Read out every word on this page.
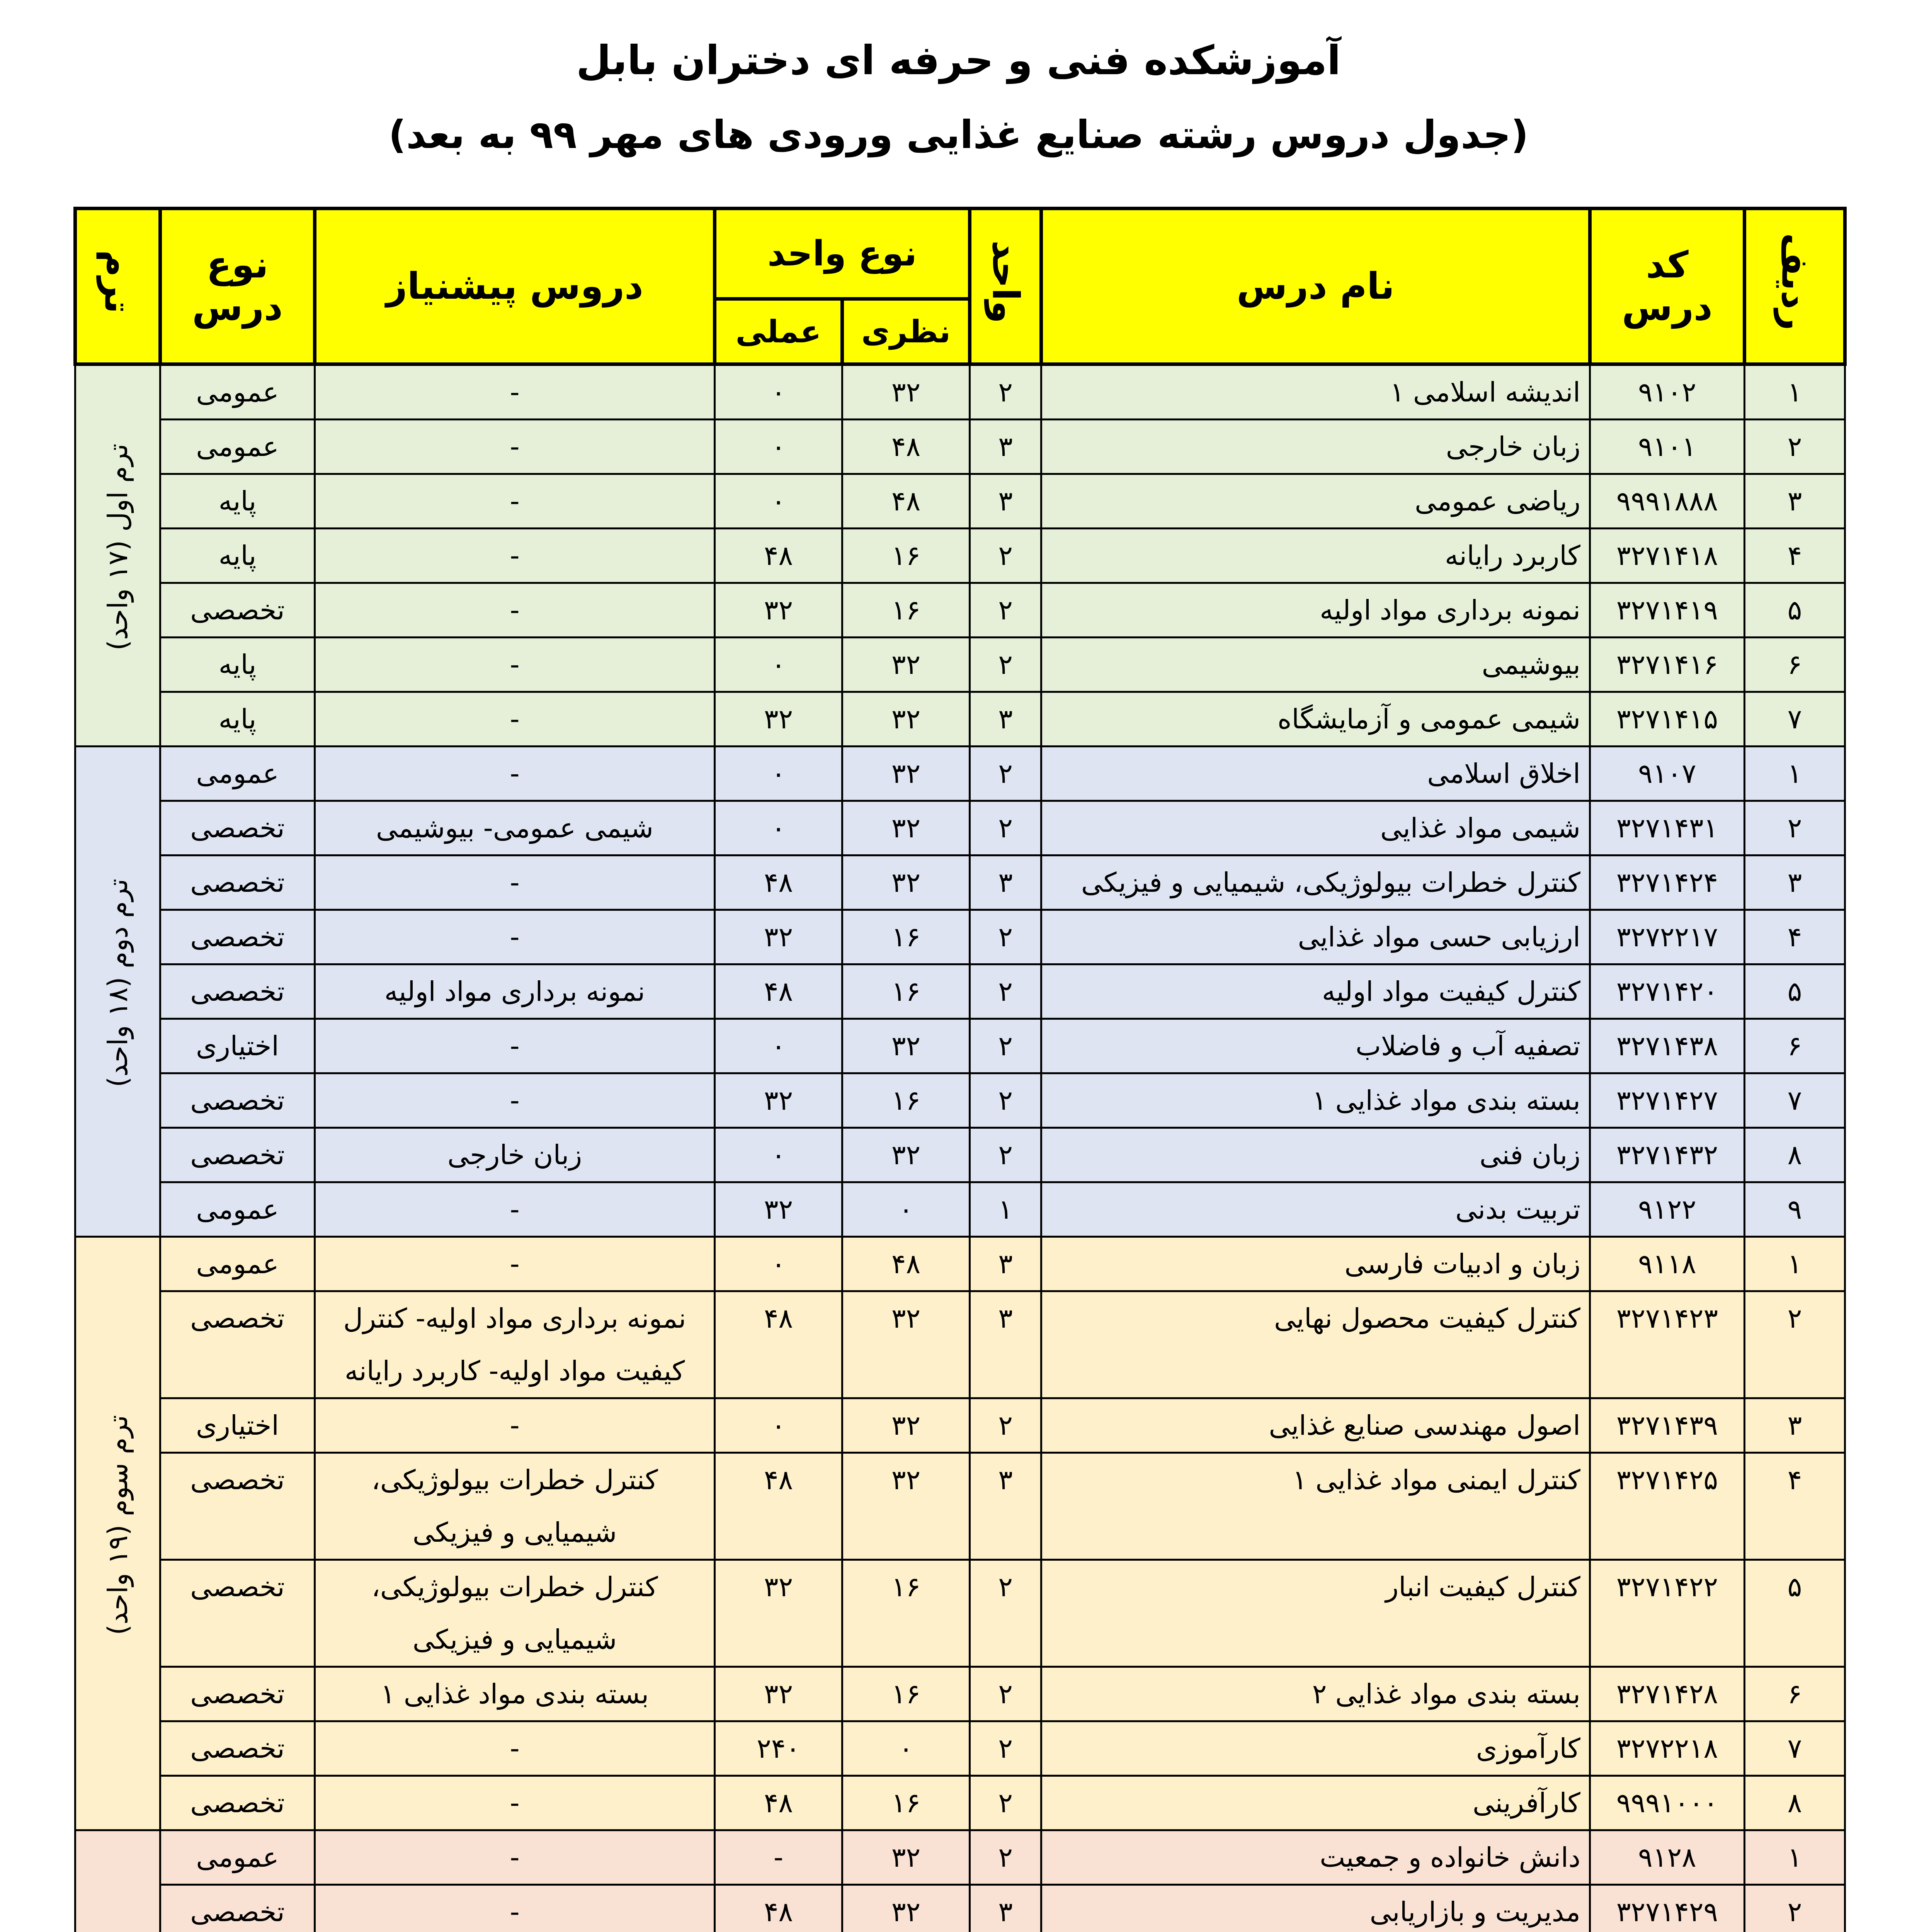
آموزشکده فنی و حرفه ای دختران بابل
(جدول دروس رشته صنایع غذایی ورودی های مهر ۹۹ به بعد)
ردیف	کد درس	نام درس	واحد	نوع واحد		دروس پیشنیاز	نوع درس	ترم
				نظری	عملی			
۱	۹۱۰۲	اندیشه اسلامی ۱	۲	۳۲	۰	-	عمومی	ترم اول (۱۷ واحد)
۲	۹۱۰۱	زبان خارجی	۳	۴۸	۰	-	عمومی	
۳	۹۹۹۱۸۸۸	ریاضی عمومی	۳	۴۸	۰	-	پایه	
۴	۳۲۷۱۴۱۸	کاربرد رایانه	۲	۱۶	۴۸	-	پایه	
۵	۳۲۷۱۴۱۹	نمونه برداری مواد اولیه	۲	۱۶	۳۲	-	تخصصی	
۶	۳۲۷۱۴۱۶	بیوشیمی	۲	۳۲	۰	-	پایه	
۷	۳۲۷۱۴۱۵	شیمی عمومی و آزمایشگاه	۳	۳۲	۳۲	-	پایه	
۱	۹۱۰۷	اخلاق اسلامی	۲	۳۲	۰	-	عمومی	ترم دوم (۱۸ واحد)
۲	۳۲۷۱۴۳۱	شیمی مواد غذایی	۲	۳۲	۰	شیمی عمومی- بیوشیمی	تخصصی	
۳	۳۲۷۱۴۲۴	کنترل خطرات بیولوژیکی، شیمیایی و فیزیکی	۳	۳۲	۴۸	-	تخصصی	
۴	۳۲۷۲۲۱۷	ارزیابی حسی مواد غذایی	۲	۱۶	۳۲	-	تخصصی	
۵	۳۲۷۱۴۲۰	کنترل کیفیت مواد اولیه	۲	۱۶	۴۸	نمونه برداری مواد اولیه	تخصصی	
۶	۳۲۷۱۴۳۸	تصفیه آب و فاضلاب	۲	۳۲	۰	-	اختیاری	
۷	۳۲۷۱۴۲۷	بسته بندی مواد غذایی ۱	۲	۱۶	۳۲	-	تخصصی	
۸	۳۲۷۱۴۳۲	زبان فنی	۲	۳۲	۰	زبان خارجی	تخصصی	
۹	۹۱۲۲	تربیت بدنی	۱	۰	۳۲	-	عمومی	
۱	۹۱۱۸	زبان و ادبیات فارسی	۳	۴۸	۰	-	عمومی	ترم سوم (۱۹ واحد)
۲	۳۲۷۱۴۲۳	کنترل کیفیت محصول نهایی	۳	۳۲	۴۸	نمونه برداری مواد اولیه- کنترل کیفیت مواد اولیه- کاربرد رایانه	تخصصی	
۳	۳۲۷۱۴۳۹	اصول مهندسی صنایع غذایی	۲	۳۲	۰	-	اختیاری	
۴	۳۲۷۱۴۲۵	کنترل ایمنی مواد غذایی ۱	۳	۳۲	۴۸	کنترل خطرات بیولوژیکی، شیمیایی و فیزیکی	تخصصی	
۵	۳۲۷۱۴۲۲	کنترل کیفیت انبار	۲	۱۶	۳۲	کنترل خطرات بیولوژیکی، شیمیایی و فیزیکی	تخصصی	
۶	۳۲۷۱۴۲۸	بسته بندی مواد غذایی ۲	۲	۱۶	۳۲	بسته بندی مواد غذایی ۱	تخصصی	
۷	۳۲۷۲۲۱۸	کارآموزی	۲	۰	۲۴۰	-	تخصصی	
۸	۹۹۹۱۰۰۰	کارآفرینی	۲	۱۶	۴۸	-	تخصصی	
۱	۹۱۲۸	دانش خانواده و جمعیت	۲	۳۲	-	-	عمومی	
۲	۳۲۷۱۴۲۹	مدیریت و بازاریابی	۳	۳۲	۴۸	-	تخصصی	
